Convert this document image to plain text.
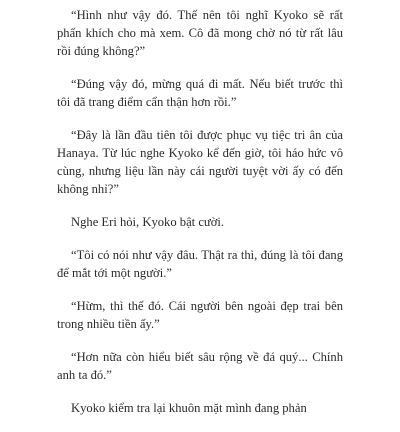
“Hình như vậy đó. Thế nên tôi nghĩ Kyoko sẽ rất phấn khích cho mà xem. Cô đã mong chờ nó từ rất lâu rồi đúng không?”

“Đúng vậy đó, mừng quá đi mất. Nếu biết trước thì tôi đã trang điểm cẩn thận hơn rồi.”

“Đây là lần đầu tiên tôi được phục vụ tiệc tri ân của Hanaya. Từ lúc nghe Kyoko kể đến giờ, tôi háo hức vô cùng, nhưng liệu lần này cái người tuyệt vời ấy có đến không nhỉ?”

Nghe Eri hỏi, Kyoko bật cười.

“Tôi có nói như vậy đâu. Thật ra thì, đúng là tôi đang để mắt tới một người.”

“Hừm, thì thế đó. Cái người bên ngoài đẹp trai bên trong nhiều tiền ấy.”

“Hơn nữa còn hiểu biết sâu rộng về đá quý... Chính anh ta đó.”

Kyoko kiểm tra lại khuôn mặt mình đang phản
